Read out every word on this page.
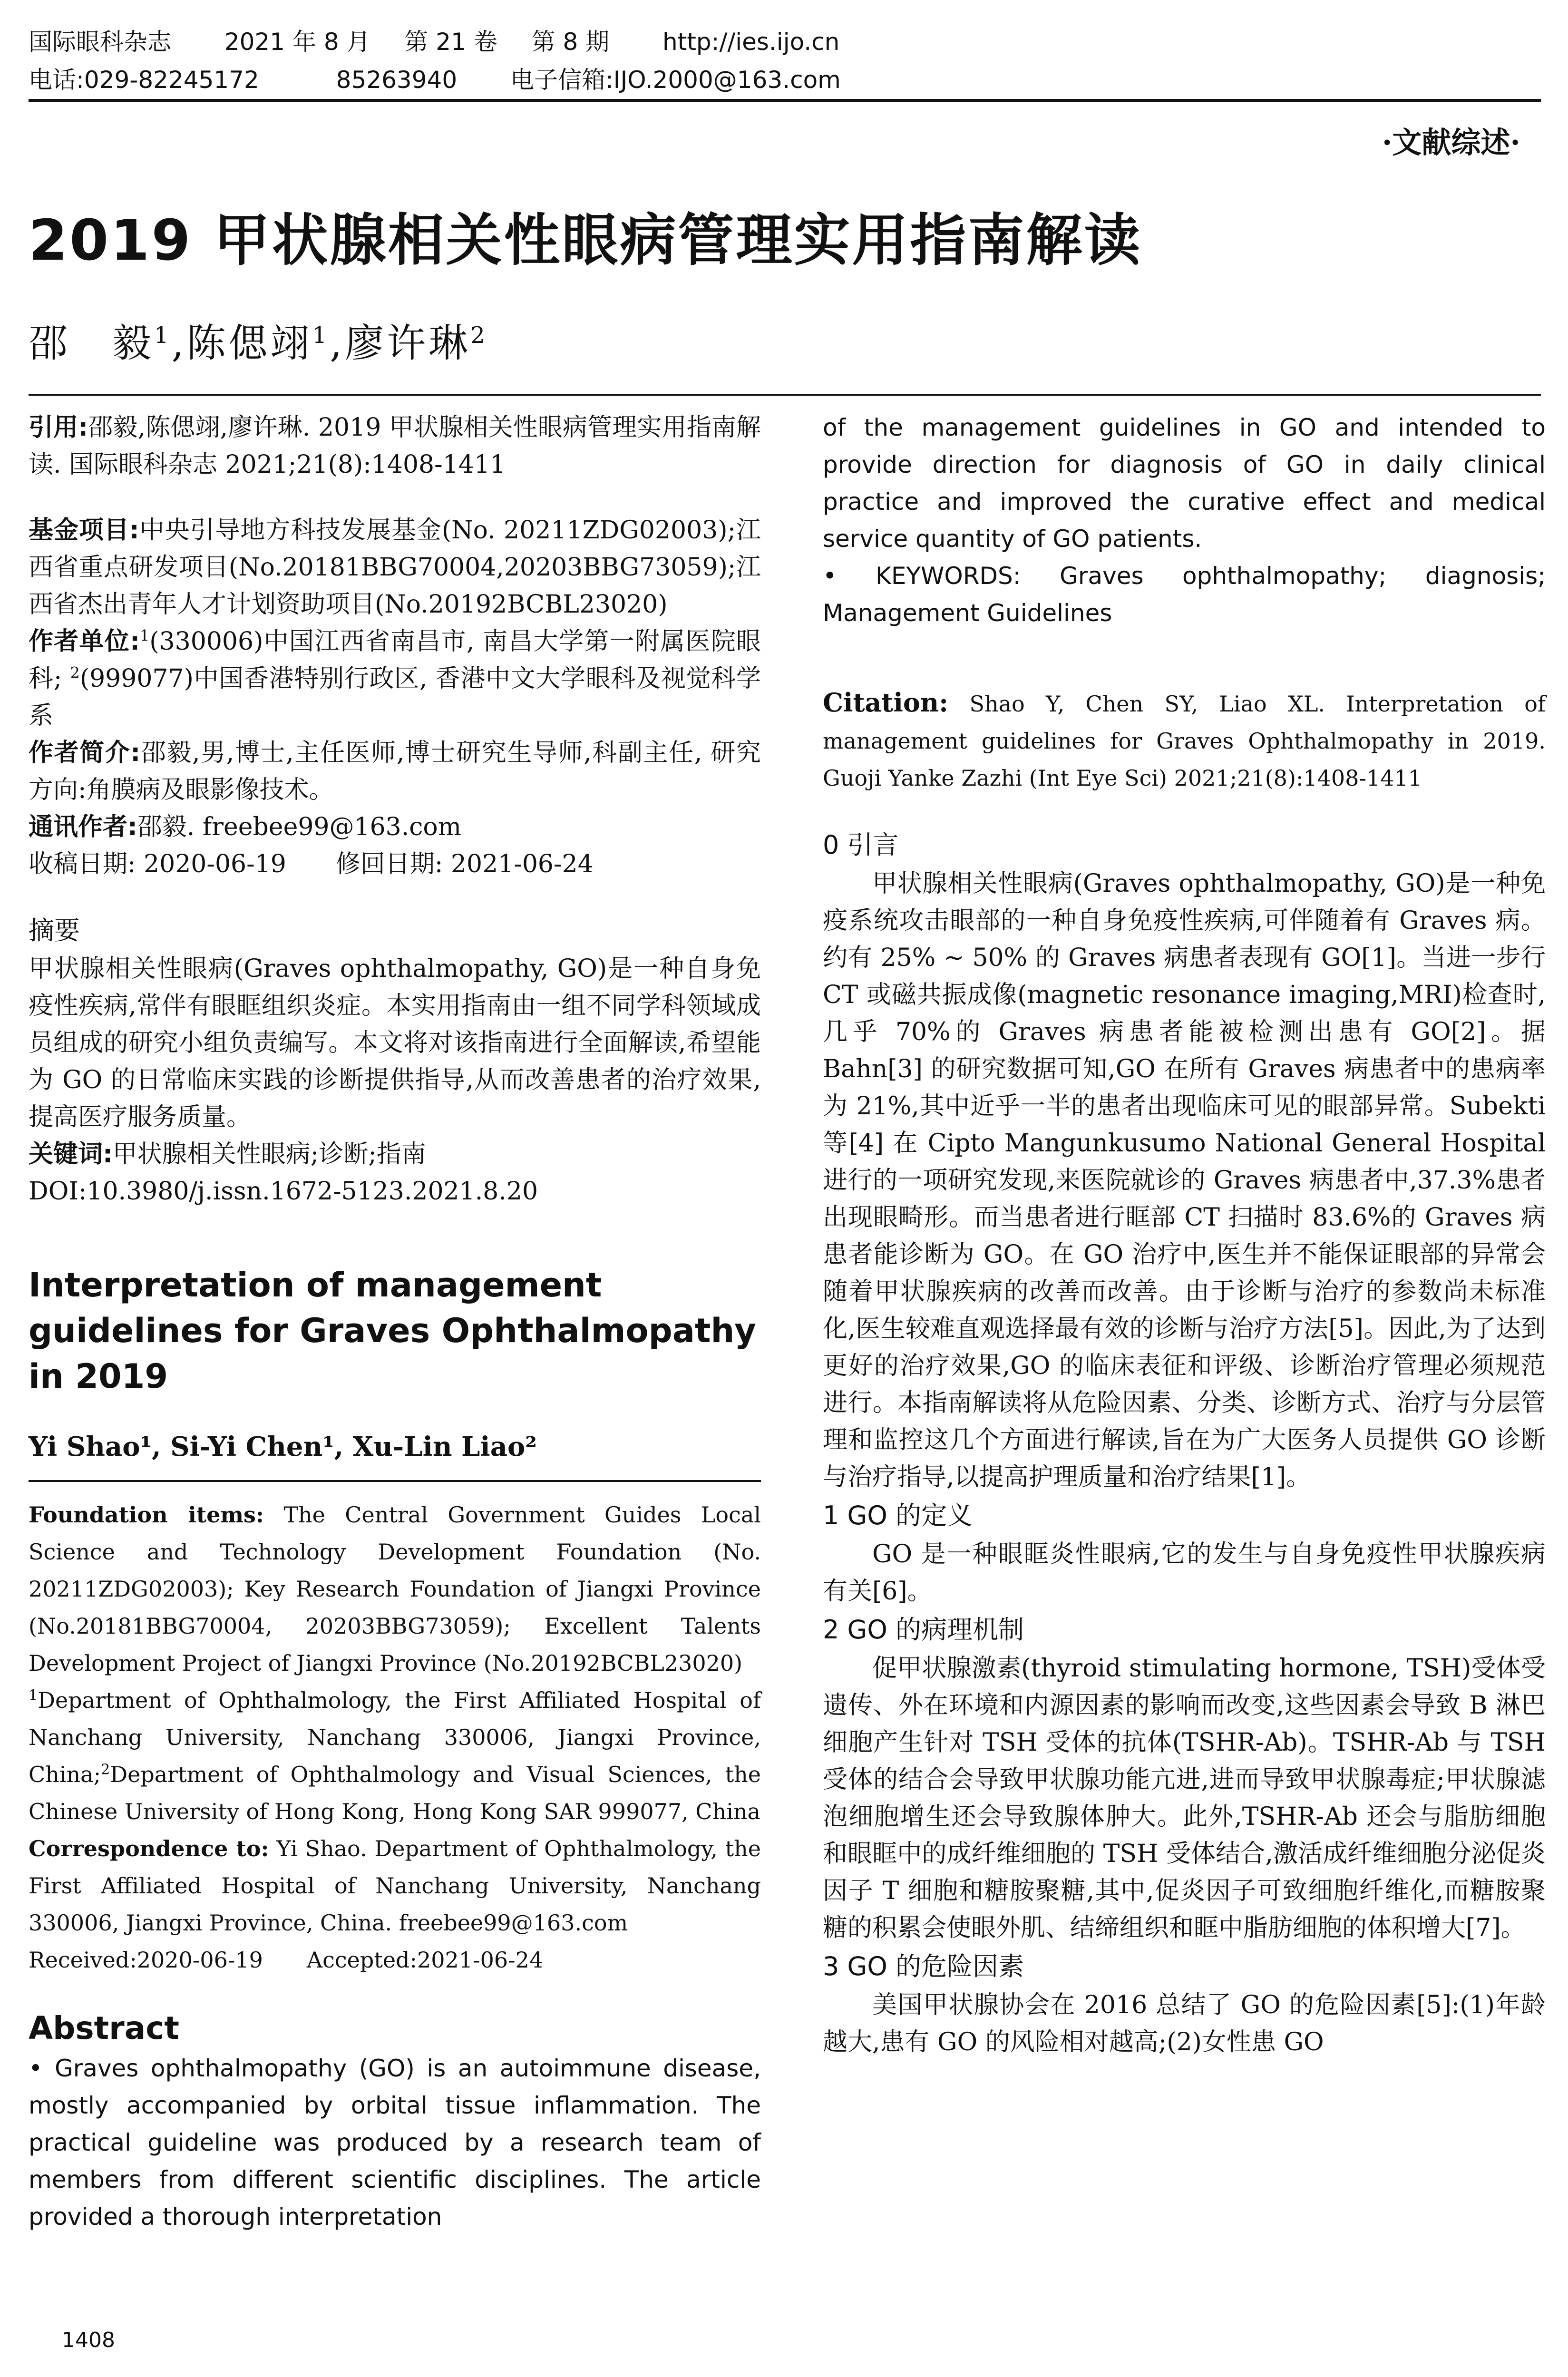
国际眼科杂志 2021 年 8 月 第 21 卷 第 8 期 http://ies.ijo.cn
电话:029-82245172	85263940 电子信箱:IJO.2000@163.com
·文献综述·
2019 甲状腺相关性眼病管理实用指南解读
邵　毅$^1$,陈偲翊$^1$,廖许琳$^2$

引用:邵毅,陈偲翊,廖许琳. 2019 甲状腺相关性眼病管理实用指南解读. 国际眼科杂志 2021;21(8):1408-1411

基金项目:中央引导地方科技发展基金(No. 20211ZDG02003);江西省重点研发项目(No.20181BBG70004,20203BBG73059);江西省杰出青年人才计划资助项目(No.20192BCBL23020)

作者单位:$^1$(330006)中国江西省南昌市, 南昌大学第一附属医院眼科; $^2$(999077)中国香港特别行政区, 香港中文大学眼科及视觉科学系

作者简介:邵毅,男,博士,主任医师,博士研究生导师,科副主任, 研究方向:角膜病及眼影像技术。

通讯作者:邵毅. freebee99@163.com

收稿日期: 2020-06-19　　修回日期: 2021-06-24

摘要

甲状腺相关性眼病(Graves ophthalmopathy, GO)是一种自身免疫性疾病,常伴有眼眶组织炎症。本实用指南由一组不同学科领域成员组成的研究小组负责编写。本文将对该指南进行全面解读,希望能为 GO 的日常临床实践的诊断提供指导,从而改善患者的治疗效果,提高医疗服务质量。

关键词:甲状腺相关性眼病;诊断;指南

DOI:10.3980/j.issn.1672-5123.2021.8.20

Interpretation of management guidelines for Graves Ophthalmopathy in 2019

Yi Shao¹, Si-Yi Chen¹, Xu-Lin Liao²

Foundation items: The Central Government Guides Local Science and Technology Development Foundation (No. 20211ZDG02003); Key Research Foundation of Jiangxi Province (No.20181BBG70004, 20203BBG73059); Excellent Talents Development Project of Jiangxi Province (No.20192BCBL23020)

$^1$Department of Ophthalmology, the First Affiliated Hospital of Nanchang University, Nanchang 330006, Jiangxi Province, China;$^2$Department of Ophthalmology and Visual Sciences, the Chinese University of Hong Kong, Hong Kong SAR 999077, China

Correspondence to: Yi Shao. Department of Ophthalmology, the First Affiliated Hospital of Nanchang University, Nanchang 330006, Jiangxi Province, China. freebee99@163.com

Received:2020-06-19　　Accepted:2021-06-24

Abstract

• Graves ophthalmopathy (GO) is an autoimmune disease, mostly accompanied by orbital tissue inflammation. The practical guideline was produced by a research team of members from different scientific disciplines. The article provided a thorough interpretation

of the management guidelines in GO and intended to provide direction for diagnosis of GO in daily clinical practice and improved the curative effect and medical service quantity of GO patients.

• KEYWORDS: Graves ophthalmopathy; diagnosis; Management Guidelines

Citation: Shao Y, Chen SY, Liao XL. Interpretation of management guidelines for Graves Ophthalmopathy in 2019. Guoji Yanke Zazhi (Int Eye Sci) 2021;21(8):1408-1411

0 引言

甲状腺相关性眼病(Graves ophthalmopathy, GO)是一种免疫系统攻击眼部的一种自身免疫性疾病,可伴随着有 Graves 病。约有 25% ~ 50% 的 Graves 病患者表现有 GO[1]。当进一步行 CT 或磁共振成像(magnetic resonance imaging,MRI)检查时,几乎 70%的 Graves 病患者能被检测出患有 GO[2]。据 Bahn[3] 的研究数据可知,GO 在所有 Graves 病患者中的患病率为 21%,其中近乎一半的患者出现临床可见的眼部异常。Subekti 等[4] 在 Cipto Mangunkusumo National General Hospital 进行的一项研究发现,来医院就诊的 Graves 病患者中,37.3%患者出现眼畸形。而当患者进行眶部 CT 扫描时 83.6%的 Graves 病患者能诊断为 GO。在 GO 治疗中,医生并不能保证眼部的异常会随着甲状腺疾病的改善而改善。由于诊断与治疗的参数尚未标准化,医生较难直观选择最有效的诊断与治疗方法[5]。因此,为了达到更好的治疗效果,GO 的临床表征和评级、诊断治疗管理必须规范进行。本指南解读将从危险因素、分类、诊断方式、治疗与分层管理和监控这几个方面进行解读,旨在为广大医务人员提供 GO 诊断与治疗指导,以提高护理质量和治疗结果[1]。

1 GO 的定义

GO 是一种眼眶炎性眼病,它的发生与自身免疫性甲状腺疾病有关[6]。

2 GO 的病理机制

促甲状腺激素(thyroid stimulating hormone, TSH)受体受遗传、外在环境和内源因素的影响而改变,这些因素会导致 B 淋巴细胞产生针对 TSH 受体的抗体(TSHR-Ab)。TSHR-Ab 与 TSH 受体的结合会导致甲状腺功能亢进,进而导致甲状腺毒症;甲状腺滤泡细胞增生还会导致腺体肿大。此外,TSHR-Ab 还会与脂肪细胞和眼眶中的成纤维细胞的 TSH 受体结合,激活成纤维细胞分泌促炎因子 T 细胞和糖胺聚糖,其中,促炎因子可致细胞纤维化,而糖胺聚糖的积累会使眼外肌、结缔组织和眶中脂肪细胞的体积增大[7]。

3 GO 的危险因素

美国甲状腺协会在 2016 总结了 GO 的危险因素[5]:(1)年龄越大,患有 GO 的风险相对越高;(2)女性患 GO

1408
